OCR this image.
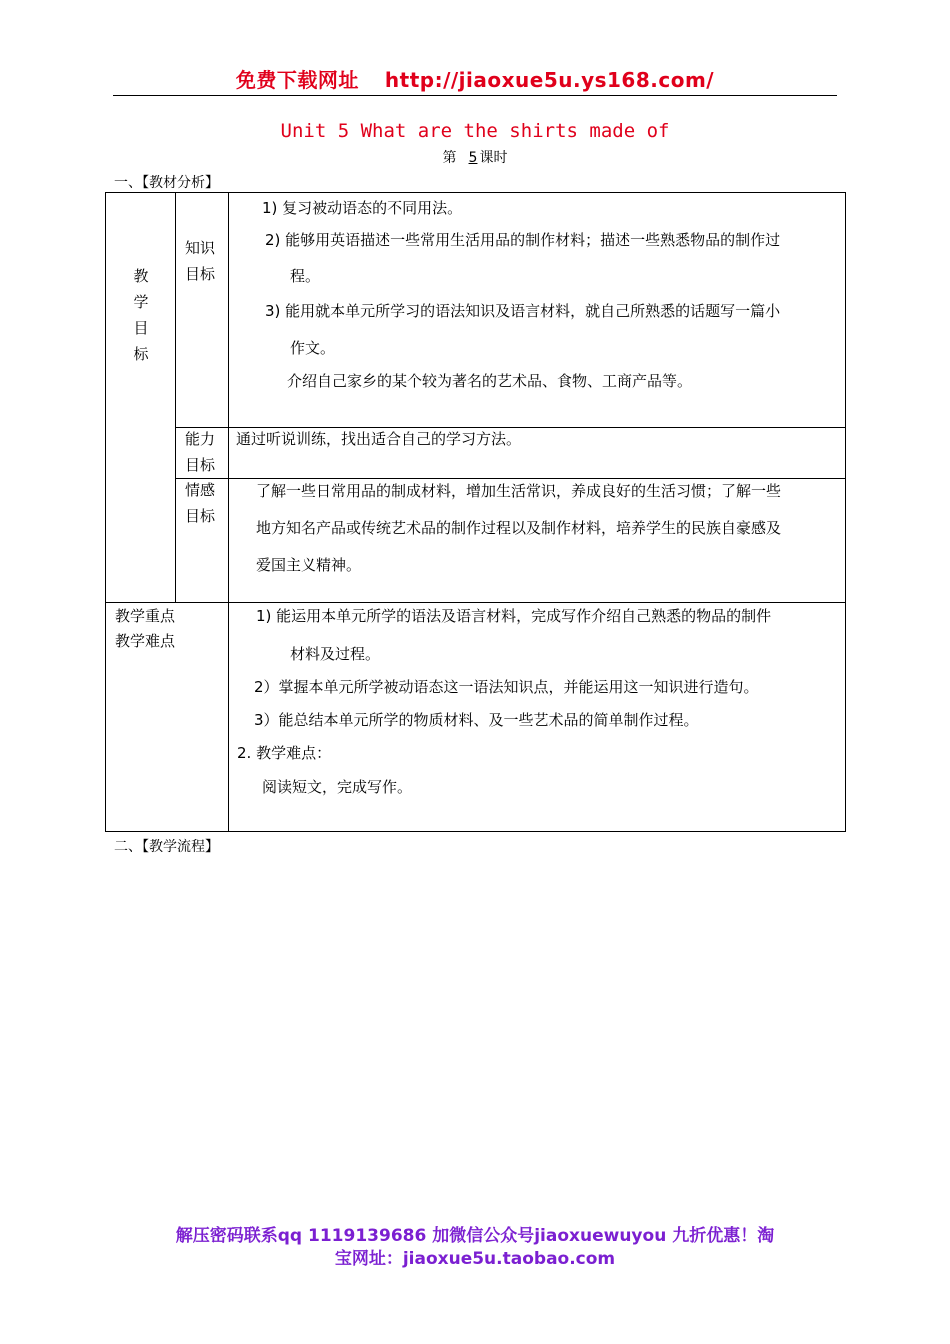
免费下载网址 http://jiaoxue5u.ys168.com/
Unit 5 What are the shirts made of
第 5 课时
一、【教材分析】
教
学
目
标
知识
目标
1) 复习被动语态的不同用法。
2) 能够用英语描述一些常用生活用品的制作材料；描述一些熟悉物品的制作过
程。
3) 能用就本单元所学习的语法知识及语言材料，就自己所熟悉的话题写一篇小
作文。
介绍自己家乡的某个较为著名的艺术品、食物、工商产品等。
能力
目标
通过听说训练，找出适合自己的学习方法。
情感
目标
了解一些日常用品的制成材料，增加生活常识，养成良好的生活习惯；了解一些
地方知名产品或传统艺术品的制作过程以及制作材料，培养学生的民族自豪感及
爱国主义精神。
教学重点
教学难点
1) 能运用本单元所学的语法及语言材料，完成写作介绍自己熟悉的物品的制件
材料及过程。
2）掌握本单元所学被动语态这一语法知识点，并能运用这一知识进行造句。
3）能总结本单元所学的物质材料、及一些艺术品的简单制作过程。
2. 教学难点：
阅读短文，完成写作。
二、【教学流程】
解压密码联系qq 1119139686 加微信公众号jiaoxuewuyou 九折优惠！淘
宝网址：jiaoxue5u.taobao.com
